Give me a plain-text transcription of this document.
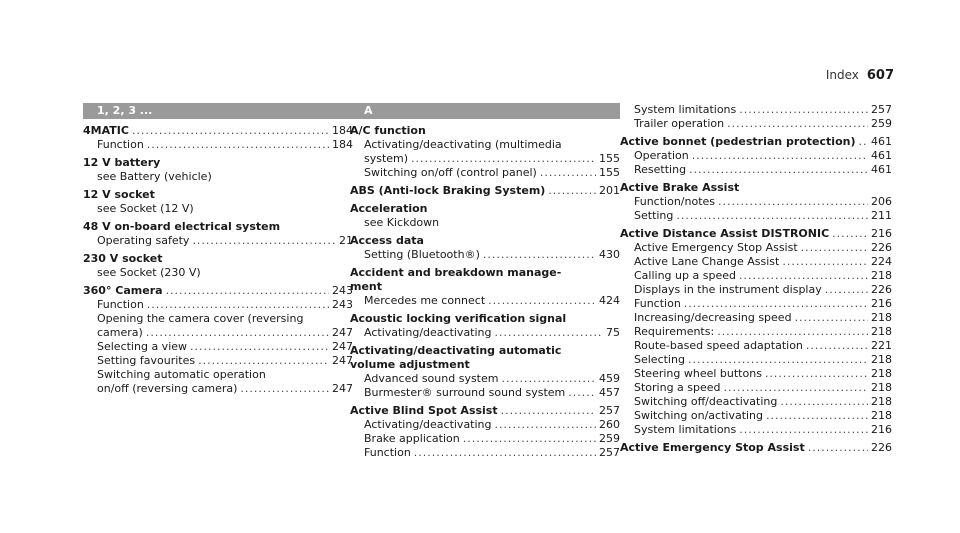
Index 607
1, 2, 3 ...
4MATIC .....	184
Function .....	184
12 V battery
see Battery (vehicle)
12 V socket
see Socket (12 V)
48 V on-board electrical system
Operating safety .....	21
230 V socket
see Socket (230 V)
360° Camera .....	243
Function .....	243
Opening the camera cover (reversing
camera) .....	247
Selecting a view .....	247
Setting favourites .....	247
Switching automatic operation
on/off (reversing camera) .....	247
A
A/C function
Activating/deactivating (multimedia
system) .....	155
Switching on/off (control panel) .....	155
ABS (Anti-lock Braking System) .....	201
Acceleration
see Kickdown
Access data
Setting (Bluetooth®) .....	430
Accident and breakdown manage-
ment
Mercedes me connect .....	424
Acoustic locking verification signal
Activating/deactivating .....	75
Activating/deactivating automatic
volume adjustment
Advanced sound system .....	459
Burmester® surround sound system .....	457
Active Blind Spot Assist .....	257
Activating/deactivating .....	260
Brake application .....	259
Function .....	257
System limitations .....	257
Trailer operation .....	259
Active bonnet (pedestrian protection) ..... 461
Operation .....	461
Resetting .....	461
Active Brake Assist
Function/notes .....	206
Setting .....	211
Active Distance Assist DISTRONIC .....	216
Active Emergency Stop Assist .....	226
Active Lane Change Assist .....	224
Calling up a speed .....	218
Displays in the instrument display .....	226
Function .....	216
Increasing/decreasing speed .....	218
Requirements: .....	218
Route-based speed adaptation .....	221
Selecting .....	218
Steering wheel buttons .....	218
Storing a speed .....	218
Switching off/deactivating .....	218
Switching on/activating .....	218
System limitations .....	216
Active Emergency Stop Assist .....	226
